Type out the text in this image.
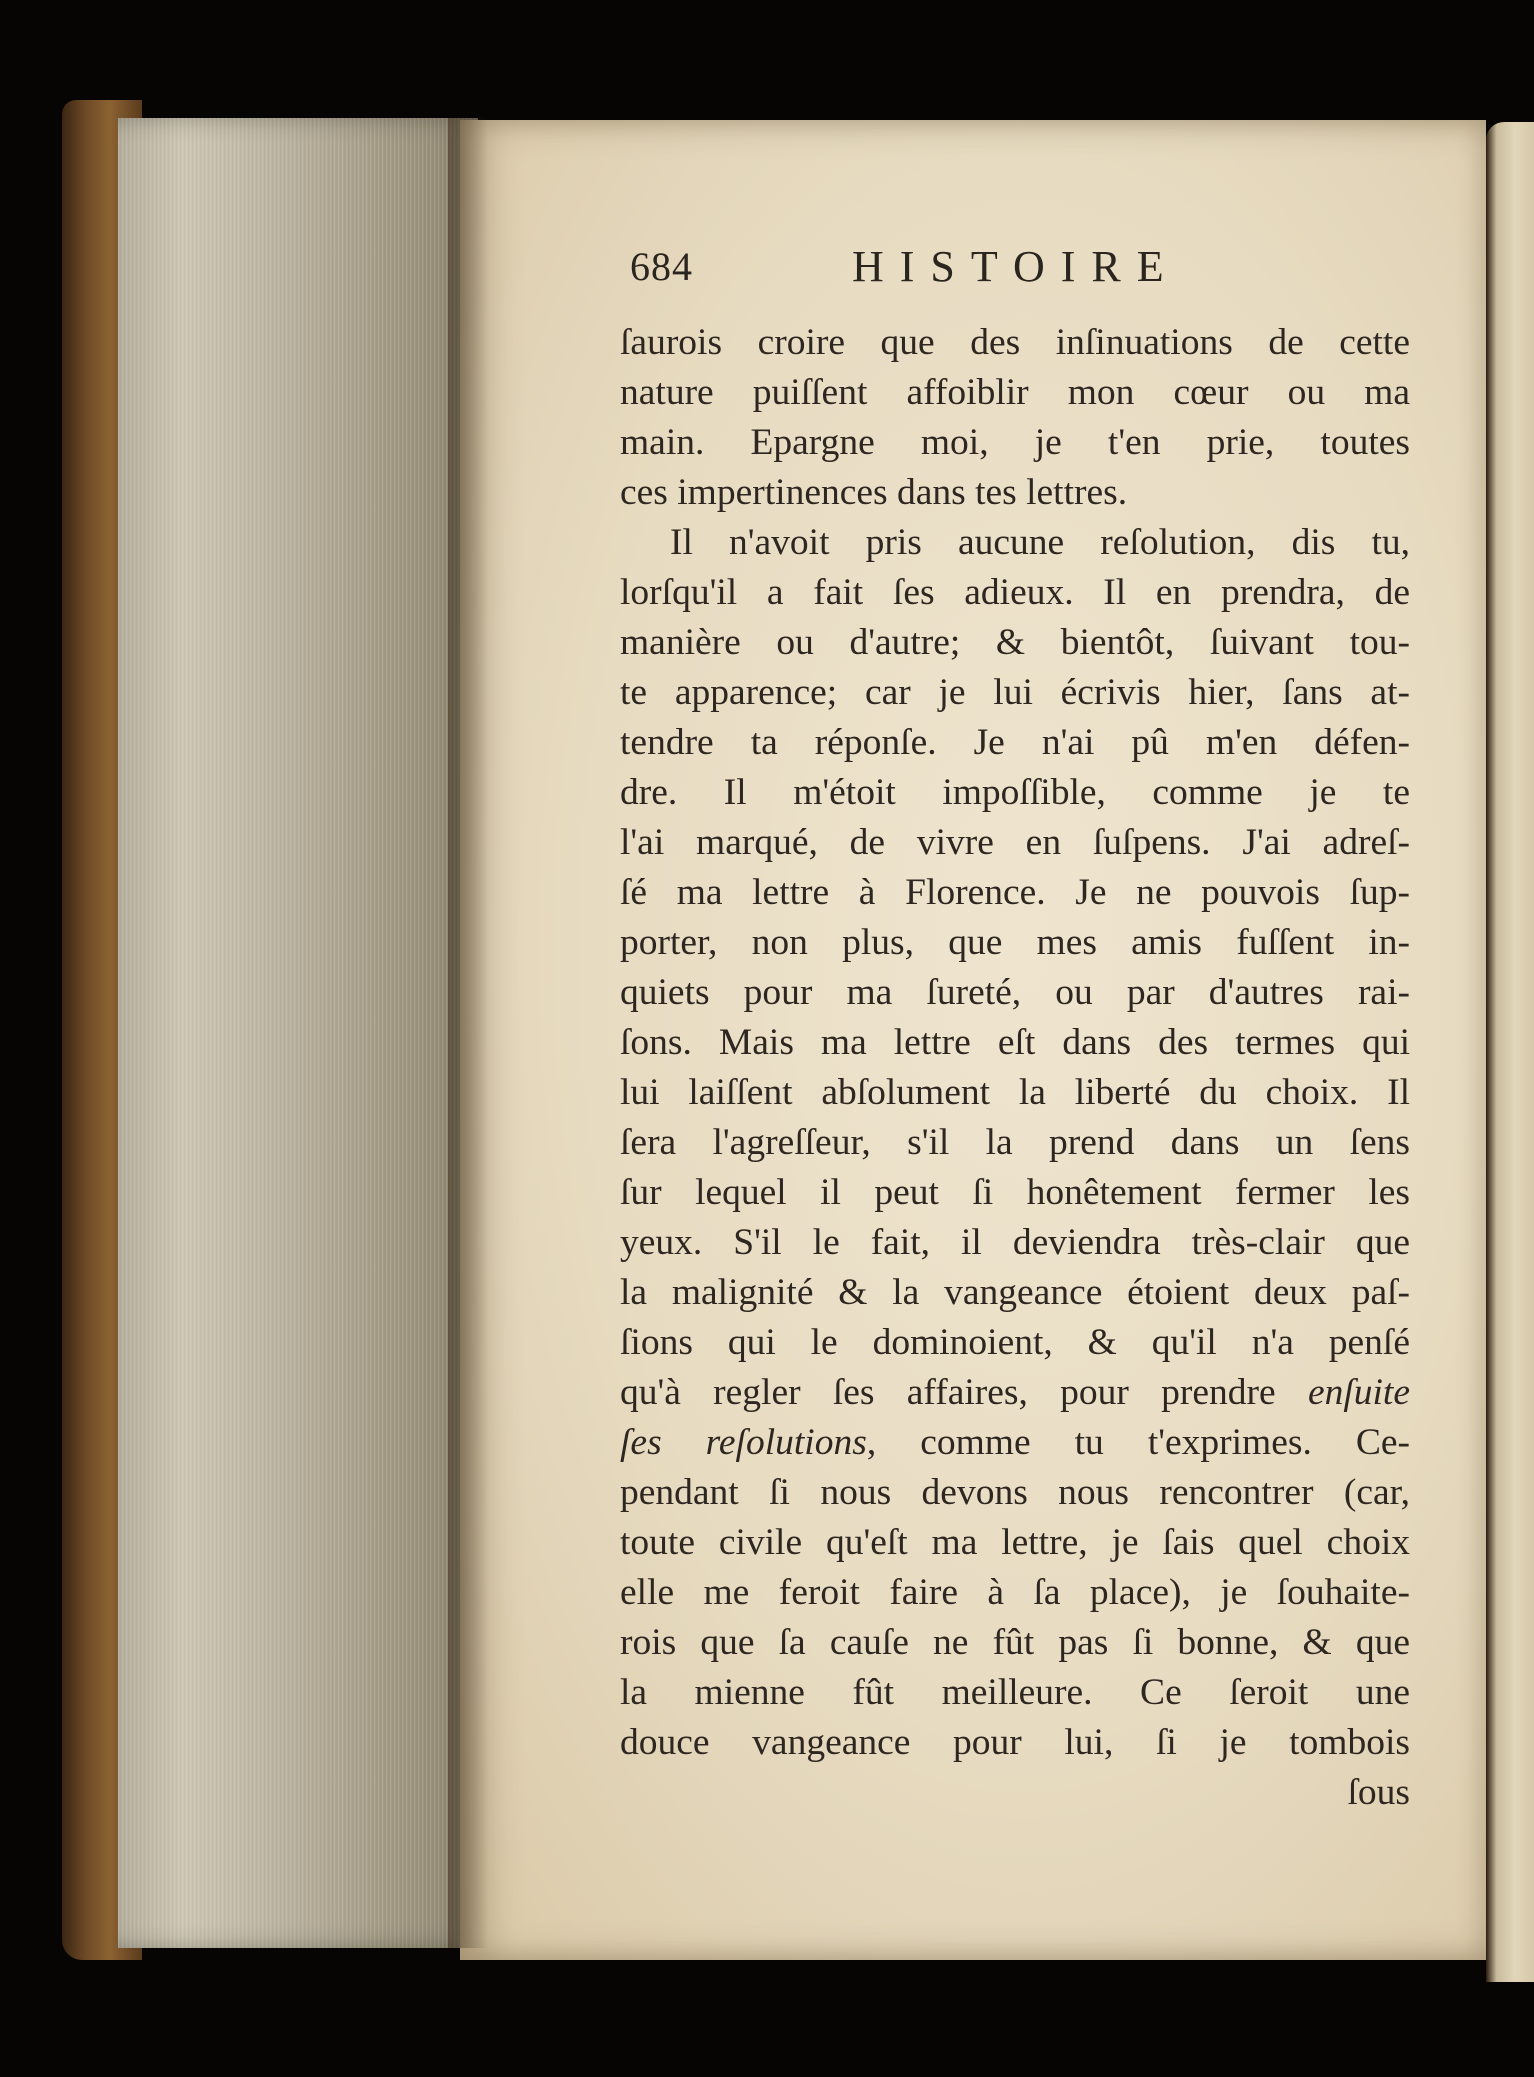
684	HISTOIRE
ſaurois croire que des inſinuations de cette
nature puiſſent affoiblir mon cœur ou ma
main. Epargne moi, je t'en prie, toutes
ces impertinences dans tes lettres.
Il n'avoit pris aucune reſolution, dis tu,
lorſqu'il a fait ſes adieux. Il en prendra, de
manière ou d'autre; & bientôt, ſuivant tou-
te apparence; car je lui écrivis hier, ſans at-
tendre ta réponſe. Je n'ai pû m'en défen-
dre. Il m'étoit impoſſible, comme je te
l'ai marqué, de vivre en ſuſpens. J'ai adreſ-
ſé ma lettre à Florence. Je ne pouvois ſup-
porter, non plus, que mes amis fuſſent in-
quiets pour ma ſureté, ou par d'autres rai-
ſons. Mais ma lettre eſt dans des termes qui
lui laiſſent abſolument la liberté du choix. Il
ſera l'agreſſeur, s'il la prend dans un ſens
ſur lequel il peut ſi honêtement fermer les
yeux. S'il le fait, il deviendra très-clair que
la malignité & la vangeance étoient deux paſ-
ſions qui le dominoient, & qu'il n'a penſé
qu'à regler ſes affaires, pour prendre enſuite
ſes reſolutions, comme tu t'exprimes. Ce-
pendant ſi nous devons nous rencontrer (car,
toute civile qu'eſt ma lettre, je ſais quel choix
elle me feroit faire à ſa place), je ſouhaite-
rois que ſa cauſe ne fût pas ſi bonne, & que
la mienne fût meilleure. Ce ſeroit une
douce vangeance pour lui, ſi je tombois
ſous
